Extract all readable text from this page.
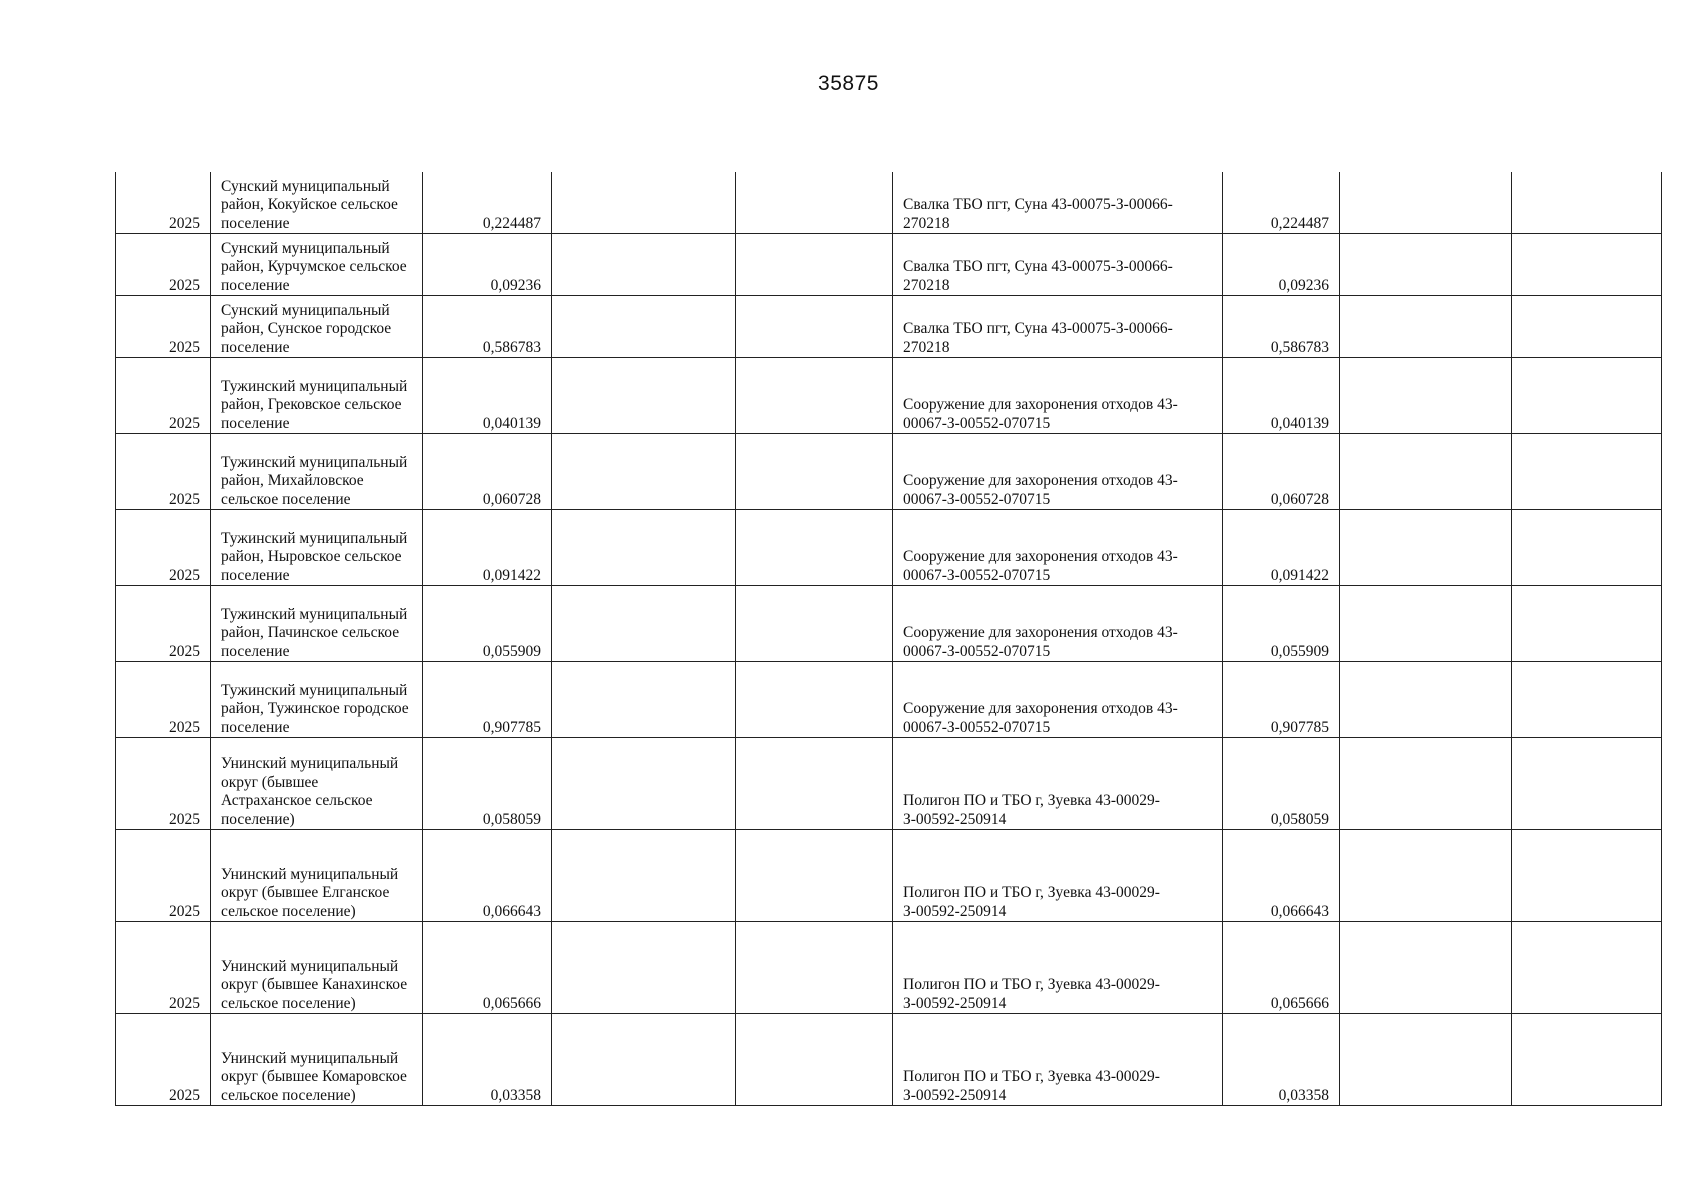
35875
2025	Сунский муниципальный район, Кокуйское сельское поселение	0,224487			Свалка ТБО пгт, Суна 43-00075-З-00066-270218	0,224487		
2025	Сунский муниципальный район, Курчумское сельское поселение	0,09236			Свалка ТБО пгт, Суна 43-00075-З-00066-270218	0,09236		
2025	Сунский муниципальный район, Сунское городское поселение	0,586783			Свалка ТБО пгт, Суна 43-00075-З-00066-270218	0,586783		
2025	Тужинский муниципальный район, Грековское сельское поселение	0,040139			Сооружение для захоронения отходов 43-00067-З-00552-070715	0,040139		
2025	Тужинский муниципальный район, Михайловское сельское поселение	0,060728			Сооружение для захоронения отходов 43-00067-З-00552-070715	0,060728		
2025	Тужинский муниципальный район, Ныровское сельское поселение	0,091422			Сооружение для захоронения отходов 43-00067-З-00552-070715	0,091422		
2025	Тужинский муниципальный район, Пачинское сельское поселение	0,055909			Сооружение для захоронения отходов 43-00067-З-00552-070715	0,055909		
2025	Тужинский муниципальный район, Тужинское городское поселение	0,907785			Сооружение для захоронения отходов 43-00067-З-00552-070715	0,907785		
2025	Унинский муниципальный округ (бывшее Астраханское сельское поселение)	0,058059			Полигон ПО и ТБО г, Зуевка 43-00029-З-00592-250914	0,058059		
2025	Унинский муниципальный округ (бывшее Елганское сельское поселение)	0,066643			Полигон ПО и ТБО г, Зуевка 43-00029-З-00592-250914	0,066643		
2025	Унинский муниципальный округ (бывшее Канахинское сельское поселение)	0,065666			Полигон ПО и ТБО г, Зуевка 43-00029-З-00592-250914	0,065666		
2025	Унинский муниципальный округ (бывшее Комаровское сельское поселение)	0,03358			Полигон ПО и ТБО г, Зуевка 43-00029-З-00592-250914	0,03358		
